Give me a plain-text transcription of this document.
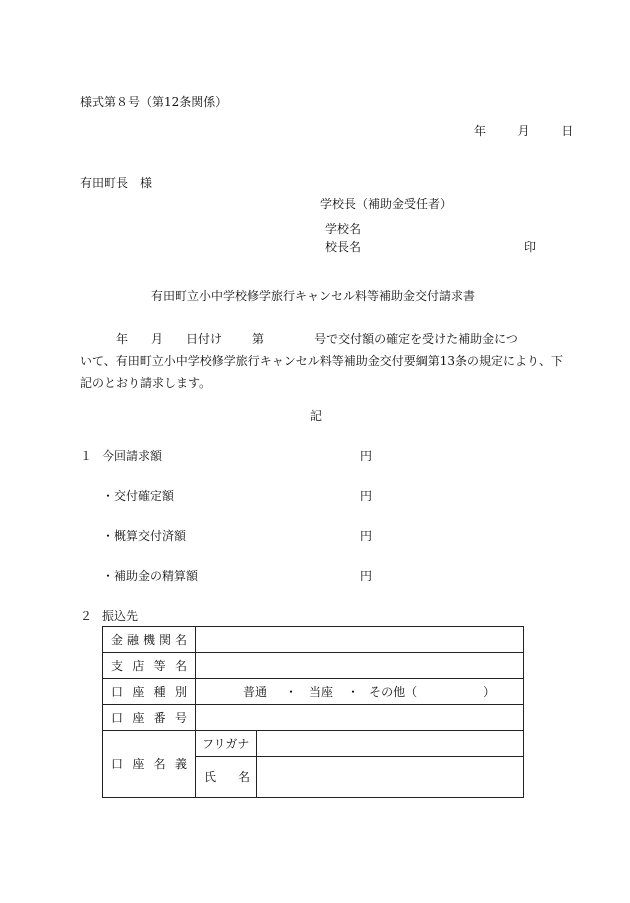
様式第８号（第12条関係）
年	月	日
有田町長　様
学校長（補助金受任者）
学校名
校長名	印
有田町立小中学校修学旅行キャンセル料等補助金交付請求書
年 月 日付け	第	号で交付額の確定を受けた補助金につ
いて、有田町立小中学校修学旅行キャンセル料等補助金交付要綱第13条の規定により、下
記のとおり請求します。
記
１ 今回請求額	円
・交付確定額	円
・概算交付済額	円
・補助金の精算額	円
２ 振込先
金 融 機 関 名		

支 店 等 名		

口 座 種 別	普通 ・ 当座 ・ その他（ ）	

口 座 番 号		

口 座 名 義	フリガナ	

	氏 名	
